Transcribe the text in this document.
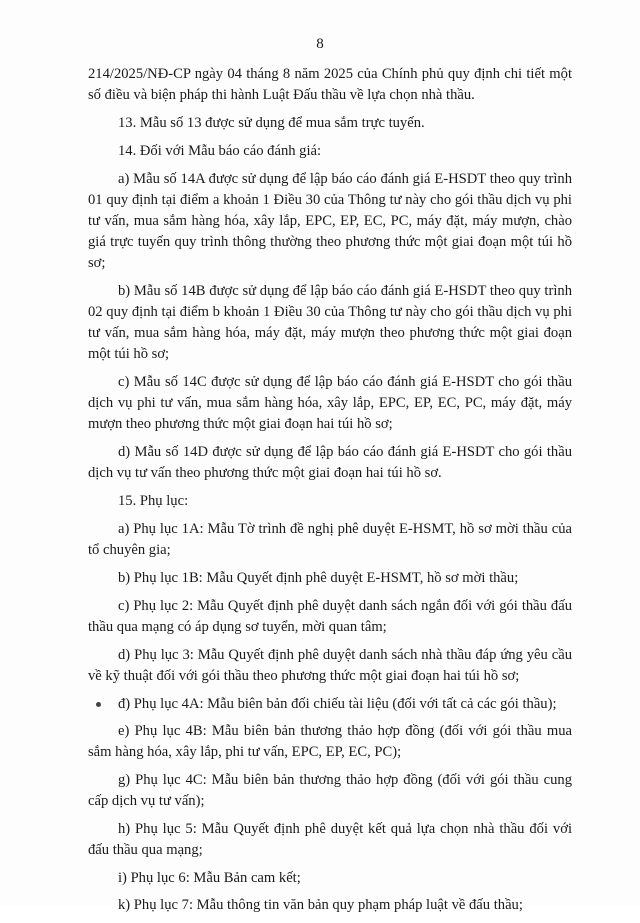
8

214/2025/NĐ-CP ngày 04 tháng 8 năm 2025 của Chính phủ quy định chi tiết một số điều và biện pháp thi hành Luật Đấu thầu về lựa chọn nhà thầu.

13. Mẫu số 13 được sử dụng để mua sắm trực tuyến.

14. Đối với Mẫu báo cáo đánh giá:

a) Mẫu số 14A được sử dụng để lập báo cáo đánh giá E-HSDT theo quy trình 01 quy định tại điểm a khoản 1 Điều 30 của Thông tư này cho gói thầu dịch vụ phi tư vấn, mua sắm hàng hóa, xây lắp, EPC, EP, EC, PC, máy đặt, máy mượn, chào giá trực tuyến quy trình thông thường theo phương thức một giai đoạn một túi hồ sơ;

b) Mẫu số 14B được sử dụng để lập báo cáo đánh giá E-HSDT theo quy trình 02 quy định tại điểm b khoản 1 Điều 30 của Thông tư này cho gói thầu dịch vụ phi tư vấn, mua sắm hàng hóa, máy đặt, máy mượn theo phương thức một giai đoạn một túi hồ sơ;

c) Mẫu số 14C được sử dụng để lập báo cáo đánh giá E-HSDT cho gói thầu dịch vụ phi tư vấn, mua sắm hàng hóa, xây lắp, EPC, EP, EC, PC, máy đặt, máy mượn theo phương thức một giai đoạn hai túi hồ sơ;

d) Mẫu số 14D được sử dụng để lập báo cáo đánh giá E-HSDT cho gói thầu dịch vụ tư vấn theo phương thức một giai đoạn hai túi hồ sơ.

15. Phụ lục:

a) Phụ lục 1A: Mẫu Tờ trình đề nghị phê duyệt E-HSMT, hồ sơ mời thầu của tổ chuyên gia;

b) Phụ lục 1B: Mẫu Quyết định phê duyệt E-HSMT, hồ sơ mời thầu;

c) Phụ lục 2: Mẫu Quyết định phê duyệt danh sách ngắn đối với gói thầu đấu thầu qua mạng có áp dụng sơ tuyển, mời quan tâm;

d) Phụ lục 3: Mẫu Quyết định phê duyệt danh sách nhà thầu đáp ứng yêu cầu về kỹ thuật đối với gói thầu theo phương thức một giai đoạn hai túi hồ sơ;

đ) Phụ lục 4A: Mẫu biên bản đối chiếu tài liệu (đối với tất cả các gói thầu);

e) Phụ lục 4B: Mẫu biên bản thương thảo hợp đồng (đối với gói thầu mua sắm hàng hóa, xây lắp, phi tư vấn, EPC, EP, EC, PC);

g) Phụ lục 4C: Mẫu biên bản thương thảo hợp đồng (đối với gói thầu cung cấp dịch vụ tư vấn);

h) Phụ lục 5: Mẫu Quyết định phê duyệt kết quả lựa chọn nhà thầu đối với đấu thầu qua mạng;

i) Phụ lục 6: Mẫu Bản cam kết;

k) Phụ lục 7: Mẫu thông tin văn bản quy phạm pháp luật về đấu thầu;
